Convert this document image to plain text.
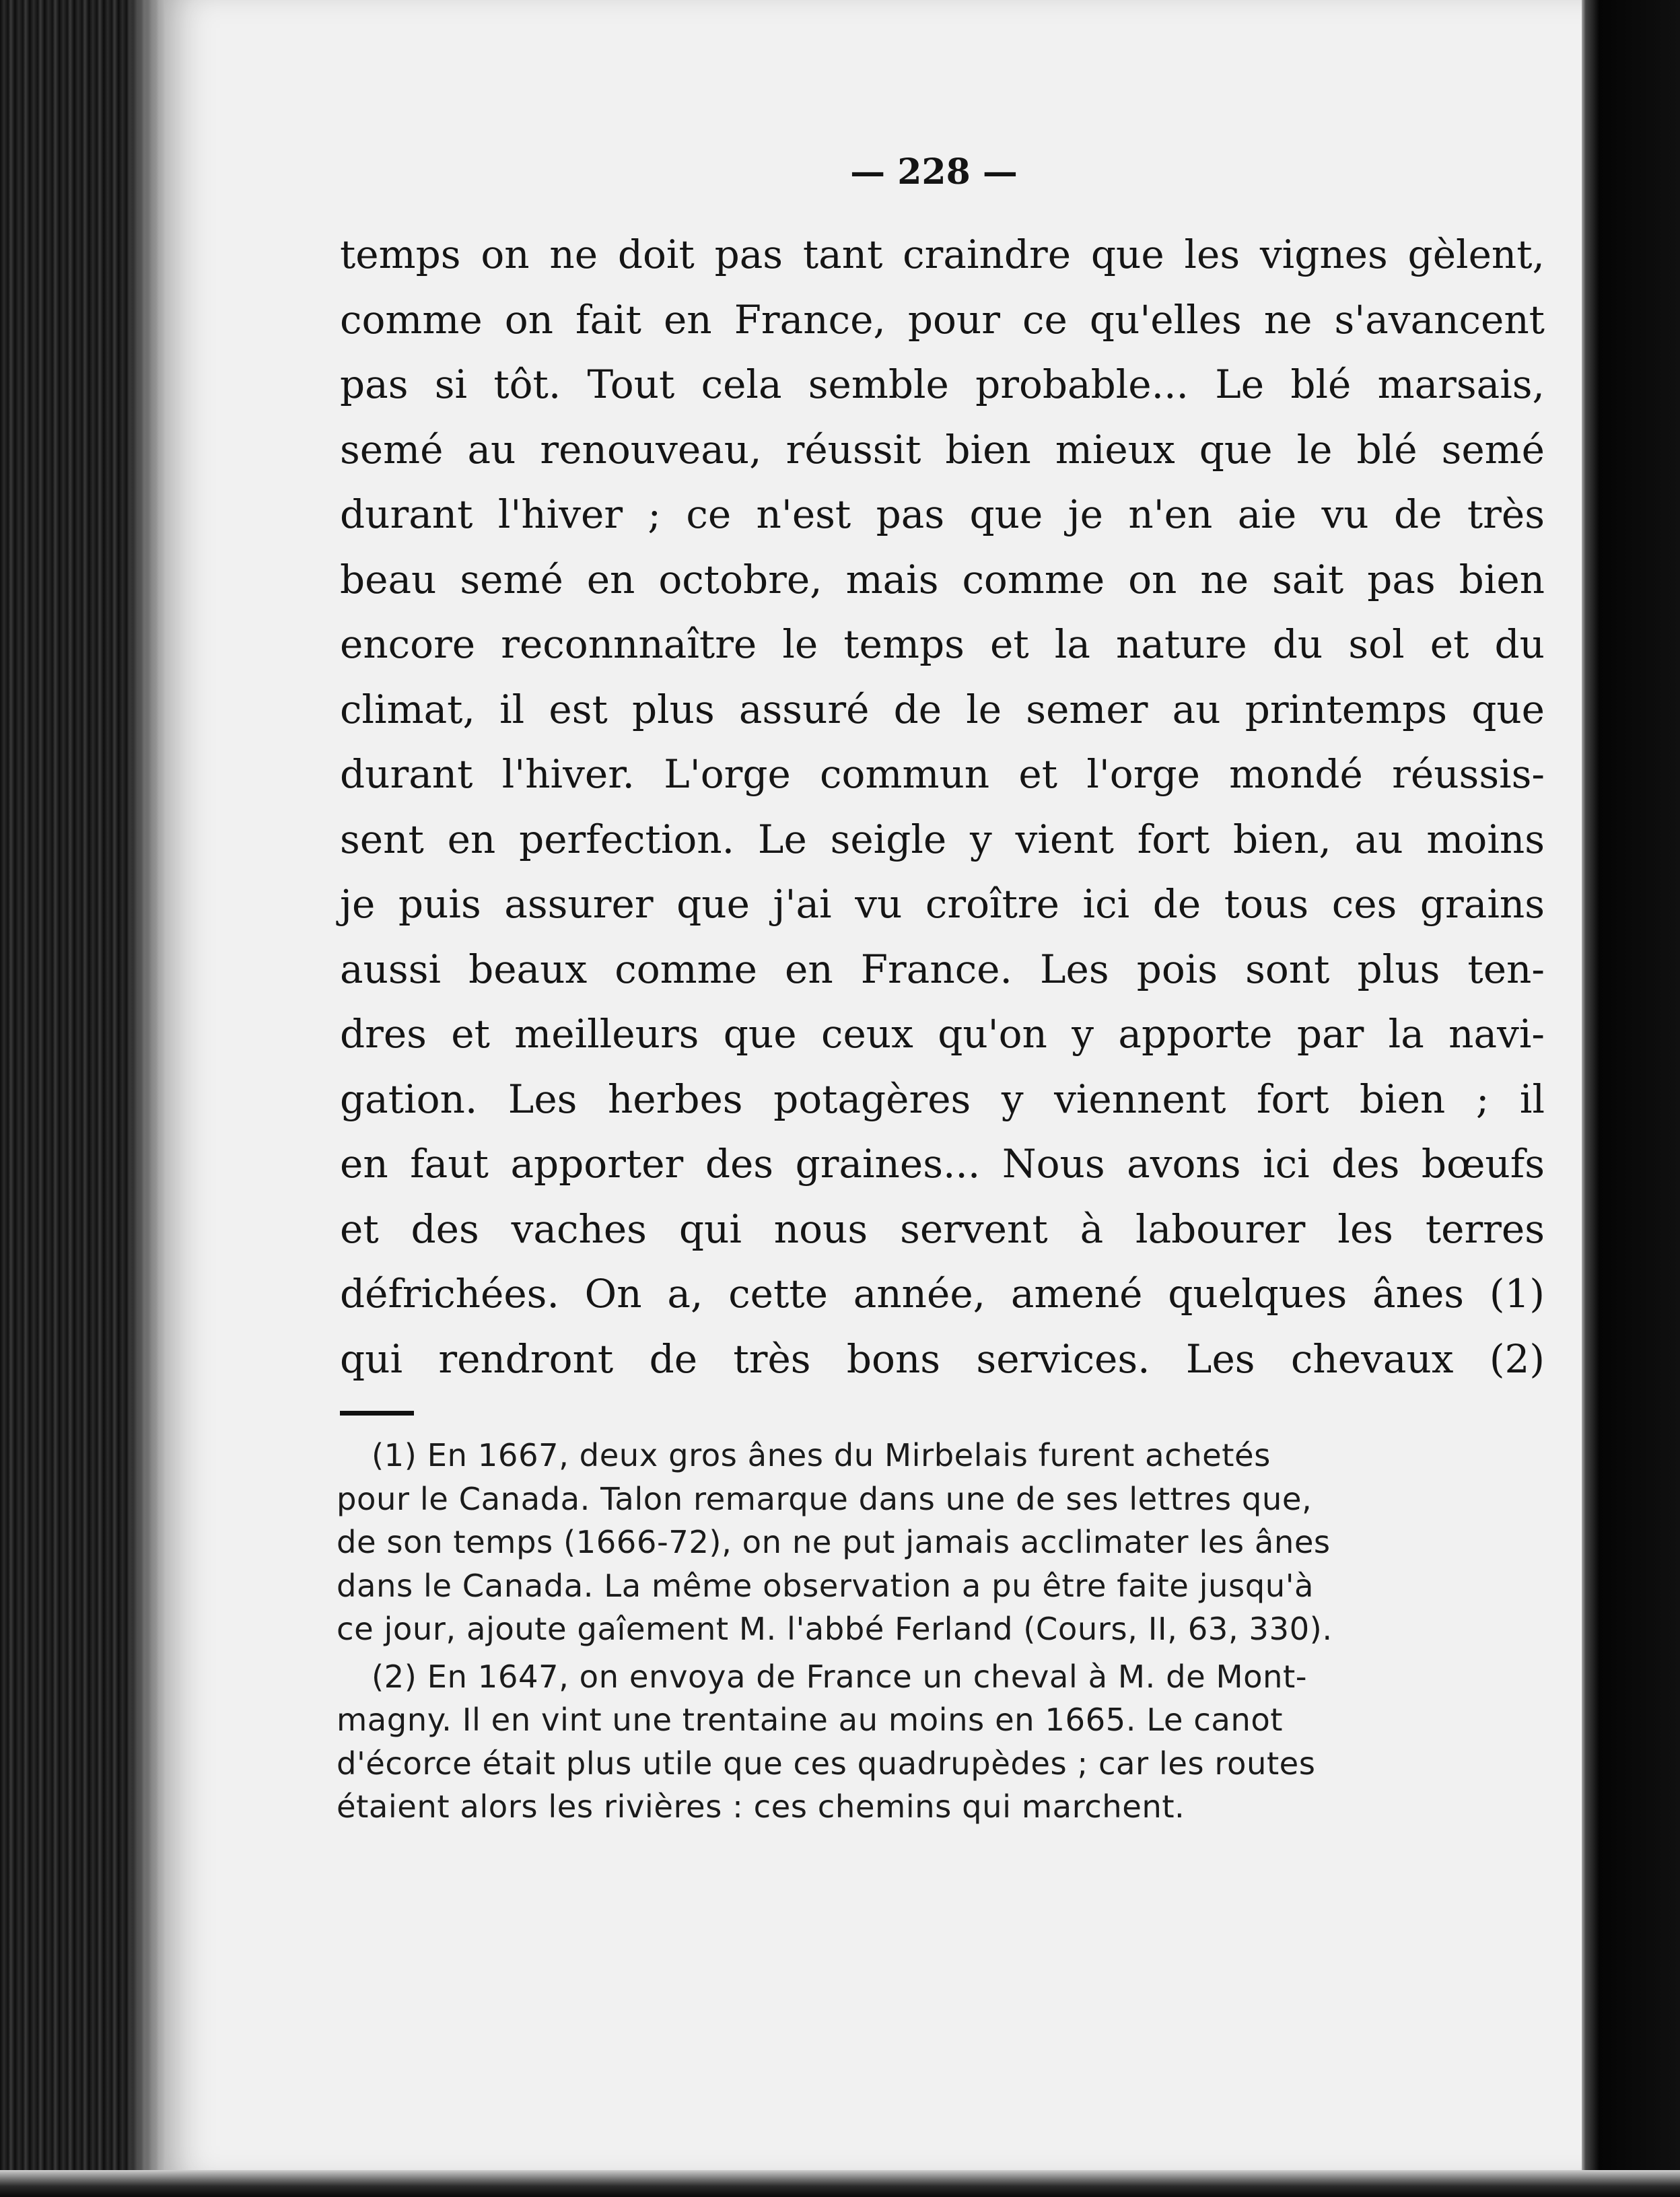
— 228 —
temps on ne doit pas tant craindre que les vignes gèlent,
comme on fait en France, pour ce qu'elles ne s'avancent
pas si tôt. Tout cela semble probable... Le blé marsais,
semé au renouveau, réussit bien mieux que le blé semé
durant l'hiver ; ce n'est pas que je n'en aie vu de très
beau semé en octobre, mais comme on ne sait pas bien
encore reconnnaître le temps et la nature du sol et du
climat, il est plus assuré de le semer au printemps que
durant l'hiver. L'orge commun et l'orge mondé réussis-
sent en perfection. Le seigle y vient fort bien, au moins
je puis assurer que j'ai vu croître ici de tous ces grains
aussi beaux comme en France. Les pois sont plus ten-
dres et meilleurs que ceux qu'on y apporte par la navi-
gation. Les herbes potagères y viennent fort bien ; il
en faut apporter des graines... Nous avons ici des bœufs
et des vaches qui nous servent à labourer les terres
défrichées. On a, cette année, amené quelques ânes (1)
qui rendront de très bons services. Les chevaux (2)
(1) En 1667, deux gros ânes du Mirbelais furent achetés
pour le Canada. Talon remarque dans une de ses lettres que,
de son temps (1666-72), on ne put jamais acclimater les ânes
dans le Canada. La même observation a pu être faite jusqu'à
ce jour, ajoute gaîement M. l'abbé Ferland (Cours, II, 63, 330).
(2) En 1647, on envoya de France un cheval à M. de Mont-
magny. Il en vint une trentaine au moins en 1665. Le canot
d'écorce était plus utile que ces quadrupèdes ; car les routes
étaient alors les rivières : ces chemins qui marchent.
